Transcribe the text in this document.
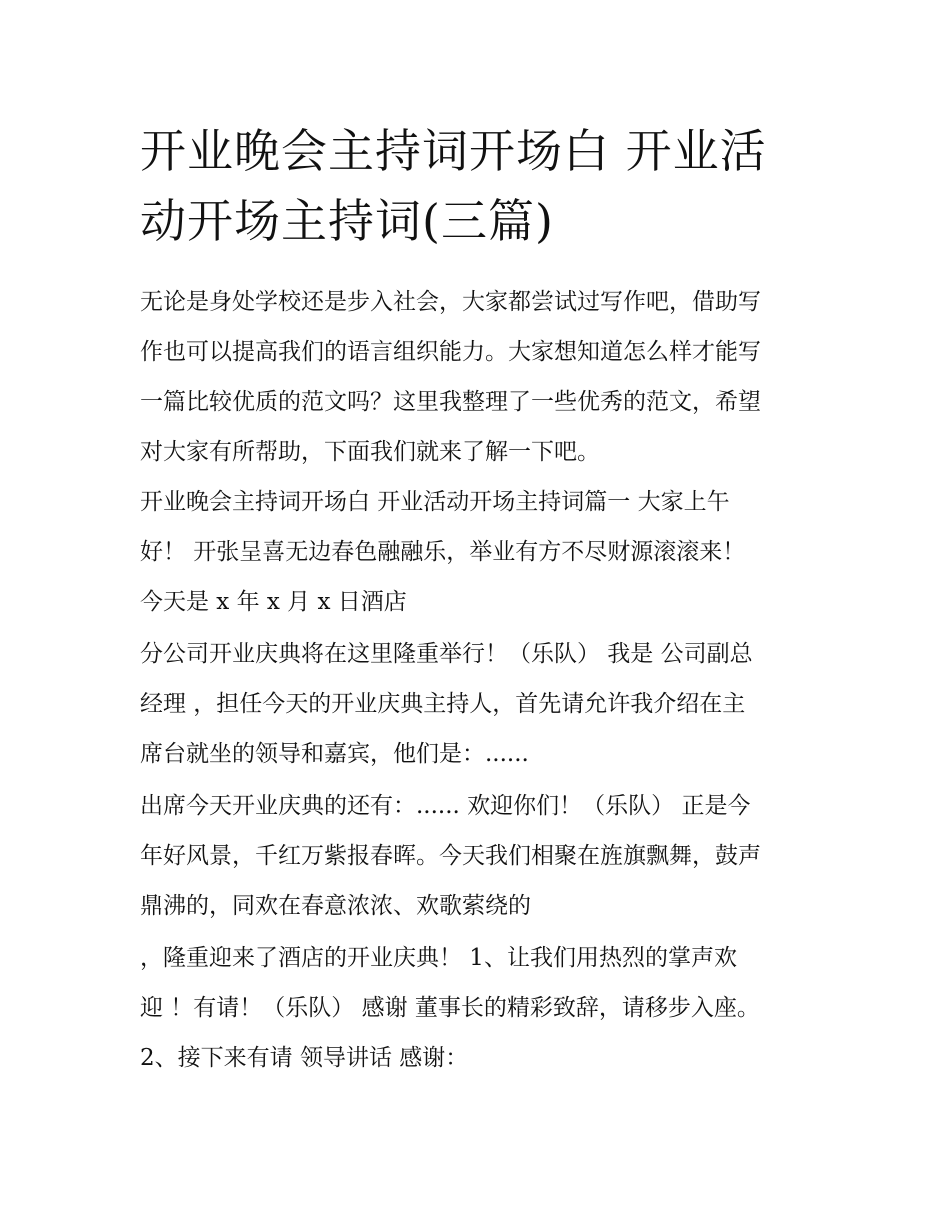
开业晚会主持词开场白 开业活
动开场主持词(三篇)

无论是身处学校还是步入社会，大家都尝试过写作吧，借助写

作也可以提高我们的语言组织能力。大家想知道怎么样才能写

一篇比较优质的范文吗？这里我整理了一些优秀的范文，希望

对大家有所帮助，下面我们就来了解一下吧。

开业晚会主持词开场白 开业活动开场主持词篇一 大家上午

好！ 开张呈喜无边春色融融乐，举业有方不尽财源滚滚来！

今天是 x 年 x 月 x 日酒店

分公司开业庆典将在这里隆重举行！（乐队） 我是 公司副总

经理 ，担任今天的开业庆典主持人，首先请允许我介绍在主

席台就坐的领导和嘉宾，他们是：......

出席今天开业庆典的还有：...... 欢迎你们！（乐队） 正是今

年好风景，千红万紫报春晖。今天我们相聚在旌旗飘舞，鼓声

鼎沸的，同欢在春意浓浓、欢歌萦绕的

，隆重迎来了酒店的开业庆典！ 1、让我们用热烈的掌声欢

迎 ！有请！（乐队） 感谢 董事长的精彩致辞，请移步入座。

2、接下来有请 领导讲话 感谢：
